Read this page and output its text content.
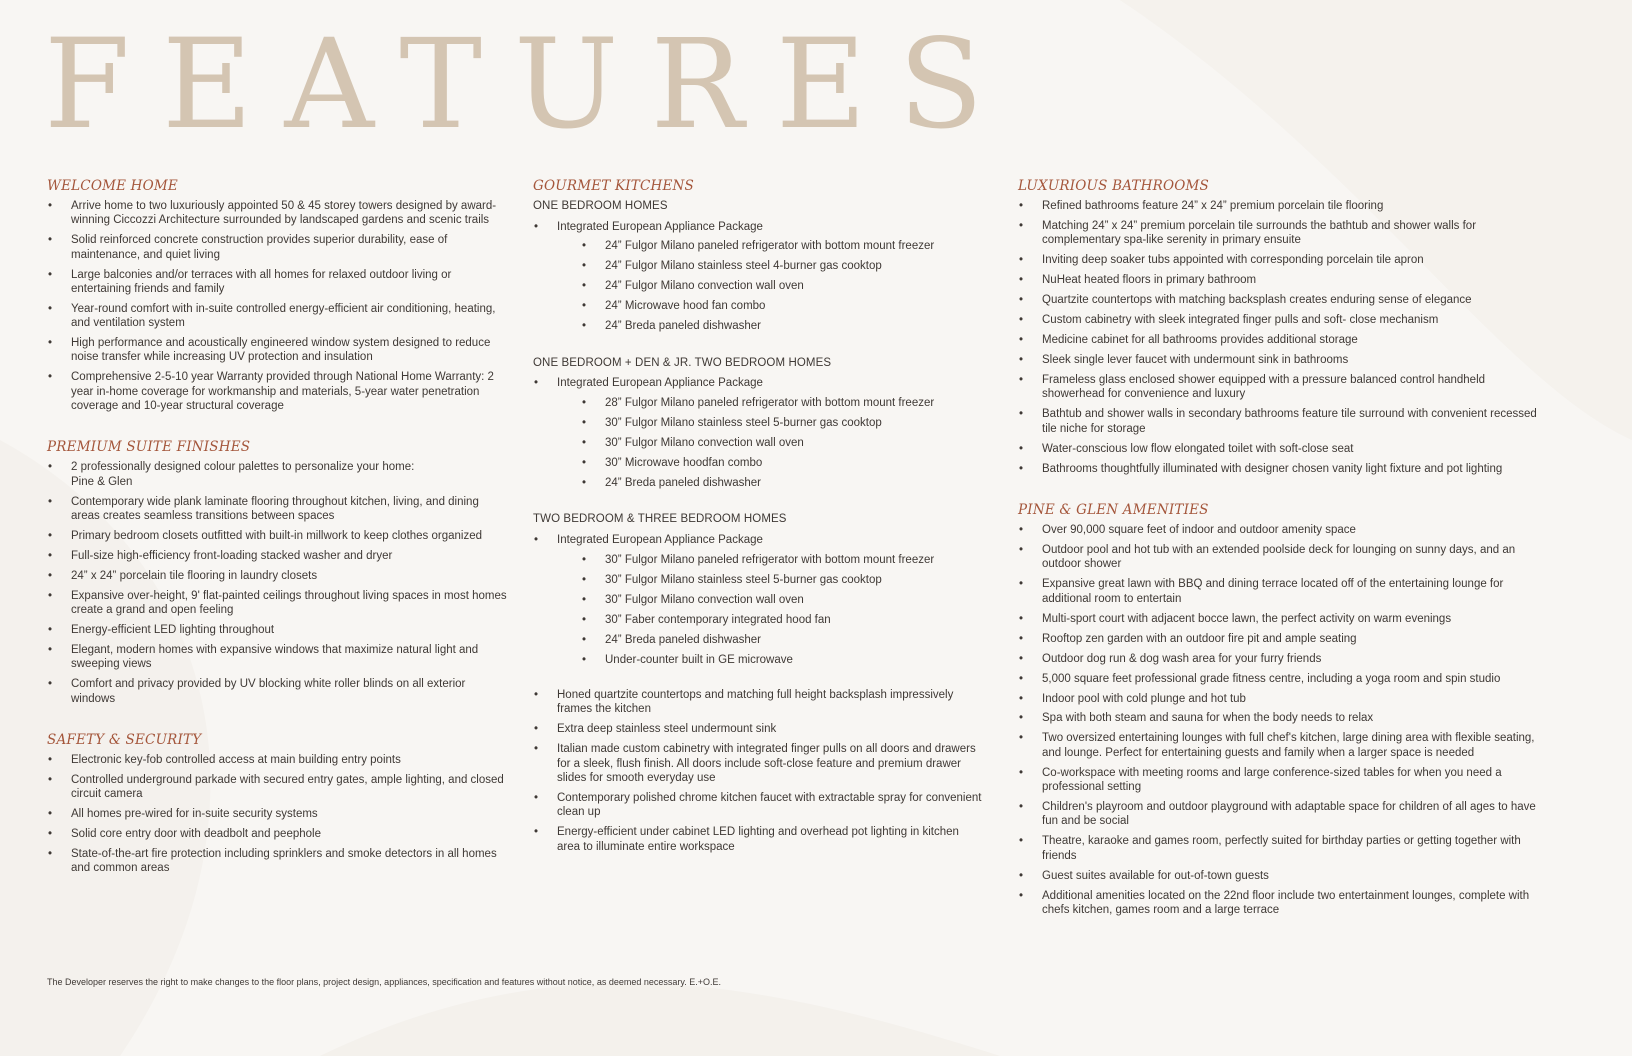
FEATURES
WELCOME HOME
• Arrive home to two luxuriously appointed 50 & 45 storey towers designed by award-winning Ciccozzi Architecture surrounded by landscaped gardens and scenic trails
• Solid reinforced concrete construction provides superior durability, ease of maintenance, and quiet living
• Large balconies and/or terraces with all homes for relaxed outdoor living or entertaining friends and family
• Year-round comfort with in-suite controlled energy-efficient air conditioning, heating, and ventilation system
• High performance and acoustically engineered window system designed to reduce noise transfer while increasing UV protection and insulation
• Comprehensive 2-5-10 year Warranty provided through National Home Warranty: 2 year in-home coverage for workmanship and materials, 5-year water penetration coverage and 10-year structural coverage
PREMIUM SUITE FINISHES
• 2 professionally designed colour palettes to personalize your home:
Pine & Glen
• Contemporary wide plank laminate flooring throughout kitchen, living, and dining areas creates seamless transitions between spaces
• Primary bedroom closets outfitted with built-in millwork to keep clothes organized
• Full-size high-efficiency front-loading stacked washer and dryer
• 24” x 24” porcelain tile flooring in laundry closets
• Expansive over-height, 9' flat-painted ceilings throughout living spaces in most homes create a grand and open feeling
• Energy-efficient LED lighting throughout
• Elegant, modern homes with expansive windows that maximize natural light and sweeping views
• Comfort and privacy provided by UV blocking white roller blinds on all exterior windows
SAFETY & SECURITY
• Electronic key-fob controlled access at main building entry points
• Controlled underground parkade with secured entry gates, ample lighting, and closed circuit camera
• All homes pre-wired for in-suite security systems
• Solid core entry door with deadbolt and peephole
• State-of-the-art fire protection including sprinklers and smoke detectors in all homes and common areas
GOURMET KITCHENS

ONE BEDROOM HOMES

• Integrated European Appliance Package
• 24” Fulgor Milano paneled refrigerator with bottom mount freezer
• 24” Fulgor Milano stainless steel 4-burner gas cooktop
• 24” Fulgor Milano convection wall oven
• 24” Microwave hood fan combo
• 24” Breda paneled dishwasher

ONE BEDROOM + DEN & JR. TWO BEDROOM HOMES

• Integrated European Appliance Package
• 28” Fulgor Milano paneled refrigerator with bottom mount freezer
• 30” Fulgor Milano stainless steel 5-burner gas cooktop
• 30” Fulgor Milano convection wall oven
• 30” Microwave hoodfan combo
• 24” Breda paneled dishwasher

TWO BEDROOM & THREE BEDROOM HOMES

• Integrated European Appliance Package
• 30” Fulgor Milano paneled refrigerator with bottom mount freezer
• 30” Fulgor Milano stainless steel 5-burner gas cooktop
• 30” Fulgor Milano convection wall oven
• 30” Faber contemporary integrated hood fan
• 24” Breda paneled dishwasher
• Under-counter built in GE microwave
• Honed quartzite countertops and matching full height backsplash impressively frames the kitchen
• Extra deep stainless steel undermount sink
• Italian made custom cabinetry with integrated finger pulls on all doors and drawers for a sleek, flush finish. All doors include soft-close feature and premium drawer slides for smooth everyday use
• Contemporary polished chrome kitchen faucet with extractable spray for convenient clean up
• Energy-efficient under cabinet LED lighting and overhead pot lighting in kitchen area to illuminate entire workspace
LUXURIOUS BATHROOMS
• Refined bathrooms feature 24” x 24” premium porcelain tile flooring
• Matching 24” x 24” premium porcelain tile surrounds the bathtub and shower walls for complementary spa-like serenity in primary ensuite
• Inviting deep soaker tubs appointed with corresponding porcelain tile apron
• NuHeat heated floors in primary bathroom
• Quartzite countertops with matching backsplash creates enduring sense of elegance
• Custom cabinetry with sleek integrated finger pulls and soft- close mechanism
• Medicine cabinet for all bathrooms provides additional storage
• Sleek single lever faucet with undermount sink in bathrooms
• Frameless glass enclosed shower equipped with a pressure balanced control handheld showerhead for convenience and luxury
• Bathtub and shower walls in secondary bathrooms feature tile surround with convenient recessed tile niche for storage
• Water-conscious low flow elongated toilet with soft-close seat
• Bathrooms thoughtfully illuminated with designer chosen vanity light fixture and pot lighting
PINE & GLEN AMENITIES
• Over 90,000 square feet of indoor and outdoor amenity space
• Outdoor pool and hot tub with an extended poolside deck for lounging on sunny days, and an outdoor shower
• Expansive great lawn with BBQ and dining terrace located off of the entertaining lounge for additional room to entertain
• Multi-sport court with adjacent bocce lawn, the perfect activity on warm evenings
• Rooftop zen garden with an outdoor fire pit and ample seating
• Outdoor dog run & dog wash area for your furry friends
• 5,000 square feet professional grade fitness centre, including a yoga room and spin studio
• Indoor pool with cold plunge and hot tub
• Spa with both steam and sauna for when the body needs to relax
• Two oversized entertaining lounges with full chef's kitchen, large dining area with flexible seating, and lounge. Perfect for entertaining guests and family when a larger space is needed
• Co-workspace with meeting rooms and large conference-sized tables for when you need a professional setting
• Children's playroom and outdoor playground with adaptable space for children of all ages to have fun and be social
• Theatre, karaoke and games room, perfectly suited for birthday parties or getting together with friends
• Guest suites available for out-of-town guests
• Additional amenities located on the 22nd floor include two entertainment lounges, complete with chefs kitchen, games room and a large terrace

The Developer reserves the right to make changes to the floor plans, project design, appliances, specification and features without notice, as deemed necessary. E.+O.E.
